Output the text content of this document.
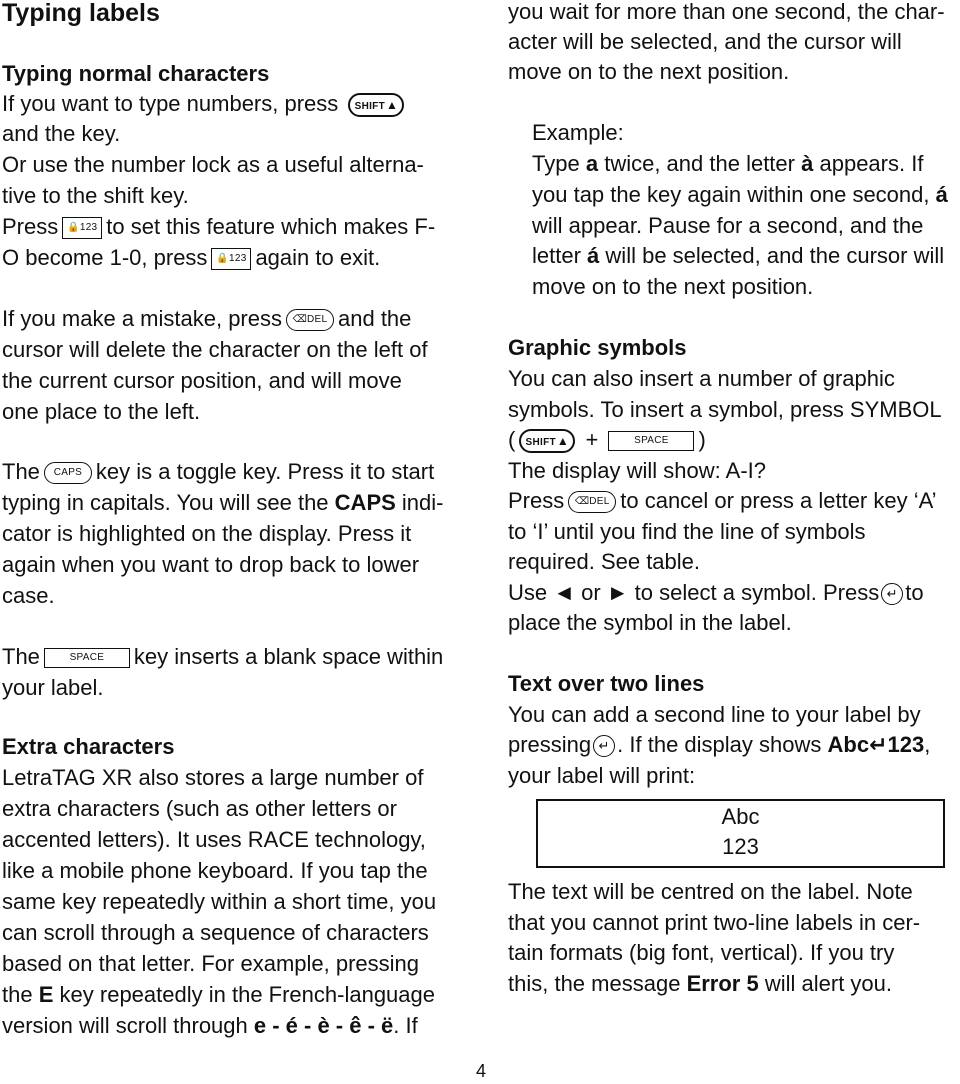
Typing labels
Typing normal characters
If you want to type numbers, press SHIFT▲
and the key.
Or use the number lock as a useful alterna-
tive to the shift key.
Press 🔒123 to set this feature which makes F-
O become 1-0, press 🔒123 again to exit.
If you make a mistake, press ⌫DEL and the
cursor will delete the character on the left of
the current cursor position, and will move
one place to the left.
The CAPS key is a toggle key. Press it to start
typing in capitals. You will see the CAPS indi-
cator is highlighted on the display. Press it
again when you want to drop back to lower
case.
The	SPACE key inserts a blank space within
your label.
Extra characters
LetraTAG XR also stores a large number of
extra characters (such as other letters or
accented letters). It uses RACE technology,
like a mobile phone keyboard. If you tap the
same key repeatedly within a short time, you
can scroll through a sequence of characters
based on that letter. For example, pressing
the E key repeatedly in the French-language
version will scroll through e - é - è - ê - ë. If
you wait for more than one second, the char-
acter will be selected, and the cursor will
move on to the next position.
Example:
Type a twice, and the letter à appears. If
you tap the key again within one second, á
will appear. Pause for a second, and the
letter á will be selected, and the cursor will
move on to the next position.
Graphic symbols
You can also insert a number of graphic
symbols. To insert a symbol, press SYMBOL
( SHIFT▲ +	SPACE )
The display will show: A-I?
Press ⌫DEL to cancel or press a letter key ‘A’
to ‘I’ until you find the line of symbols
required. See table.
Use ◄ or ► to select a symbol. Press ↵ to
place the symbol in the label.
Text over two lines
You can add a second line to your label by
pressing ↵ . If the display shows Abc↵123,
your label will print:
The text will be centred on the label. Note
that you cannot print two-line labels in cer-
tain formats (big font, vertical). If you try
this, the message Error 5 will alert you.
Abc
123
4
